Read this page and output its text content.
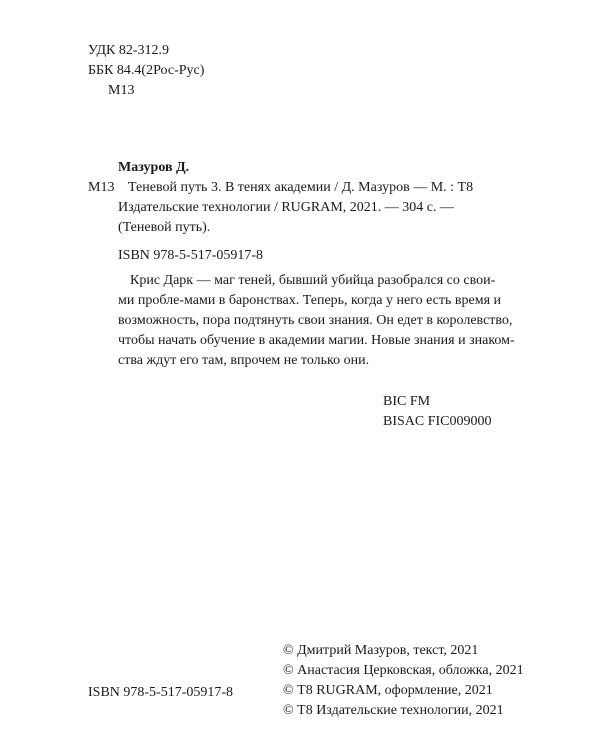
УДК 82-312.9
ББК 84.4(2Рос-Рус)
М13
Мазуров Д.
М13 Теневой путь 3. В тенях академии / Д. Мазуров — М. : Т8
Издательские технологии / RUGRAM, 2021. — 304 с. —
(Теневой путь).
ISBN 978-5-517-05917-8
Крис Дарк — маг теней, бывший убийца разобрался со свои-
ми пробле-мами в баронствах. Теперь, когда у него есть время и
возможность, пора подтянуть свои знания. Он едет в королевство,
чтобы начать обучение в академии магии. Новые знания и знаком-
ства ждут его там, впрочем не только они.
BIC FM
BISAC FIC009000
ISBN 978-5-517-05917-8
© Дмитрий Мазуров, текст, 2021
© Анастасия Церковская, обложка, 2021
© Т8 RUGRAM, оформление, 2021
© Т8 Издательские технологии, 2021
